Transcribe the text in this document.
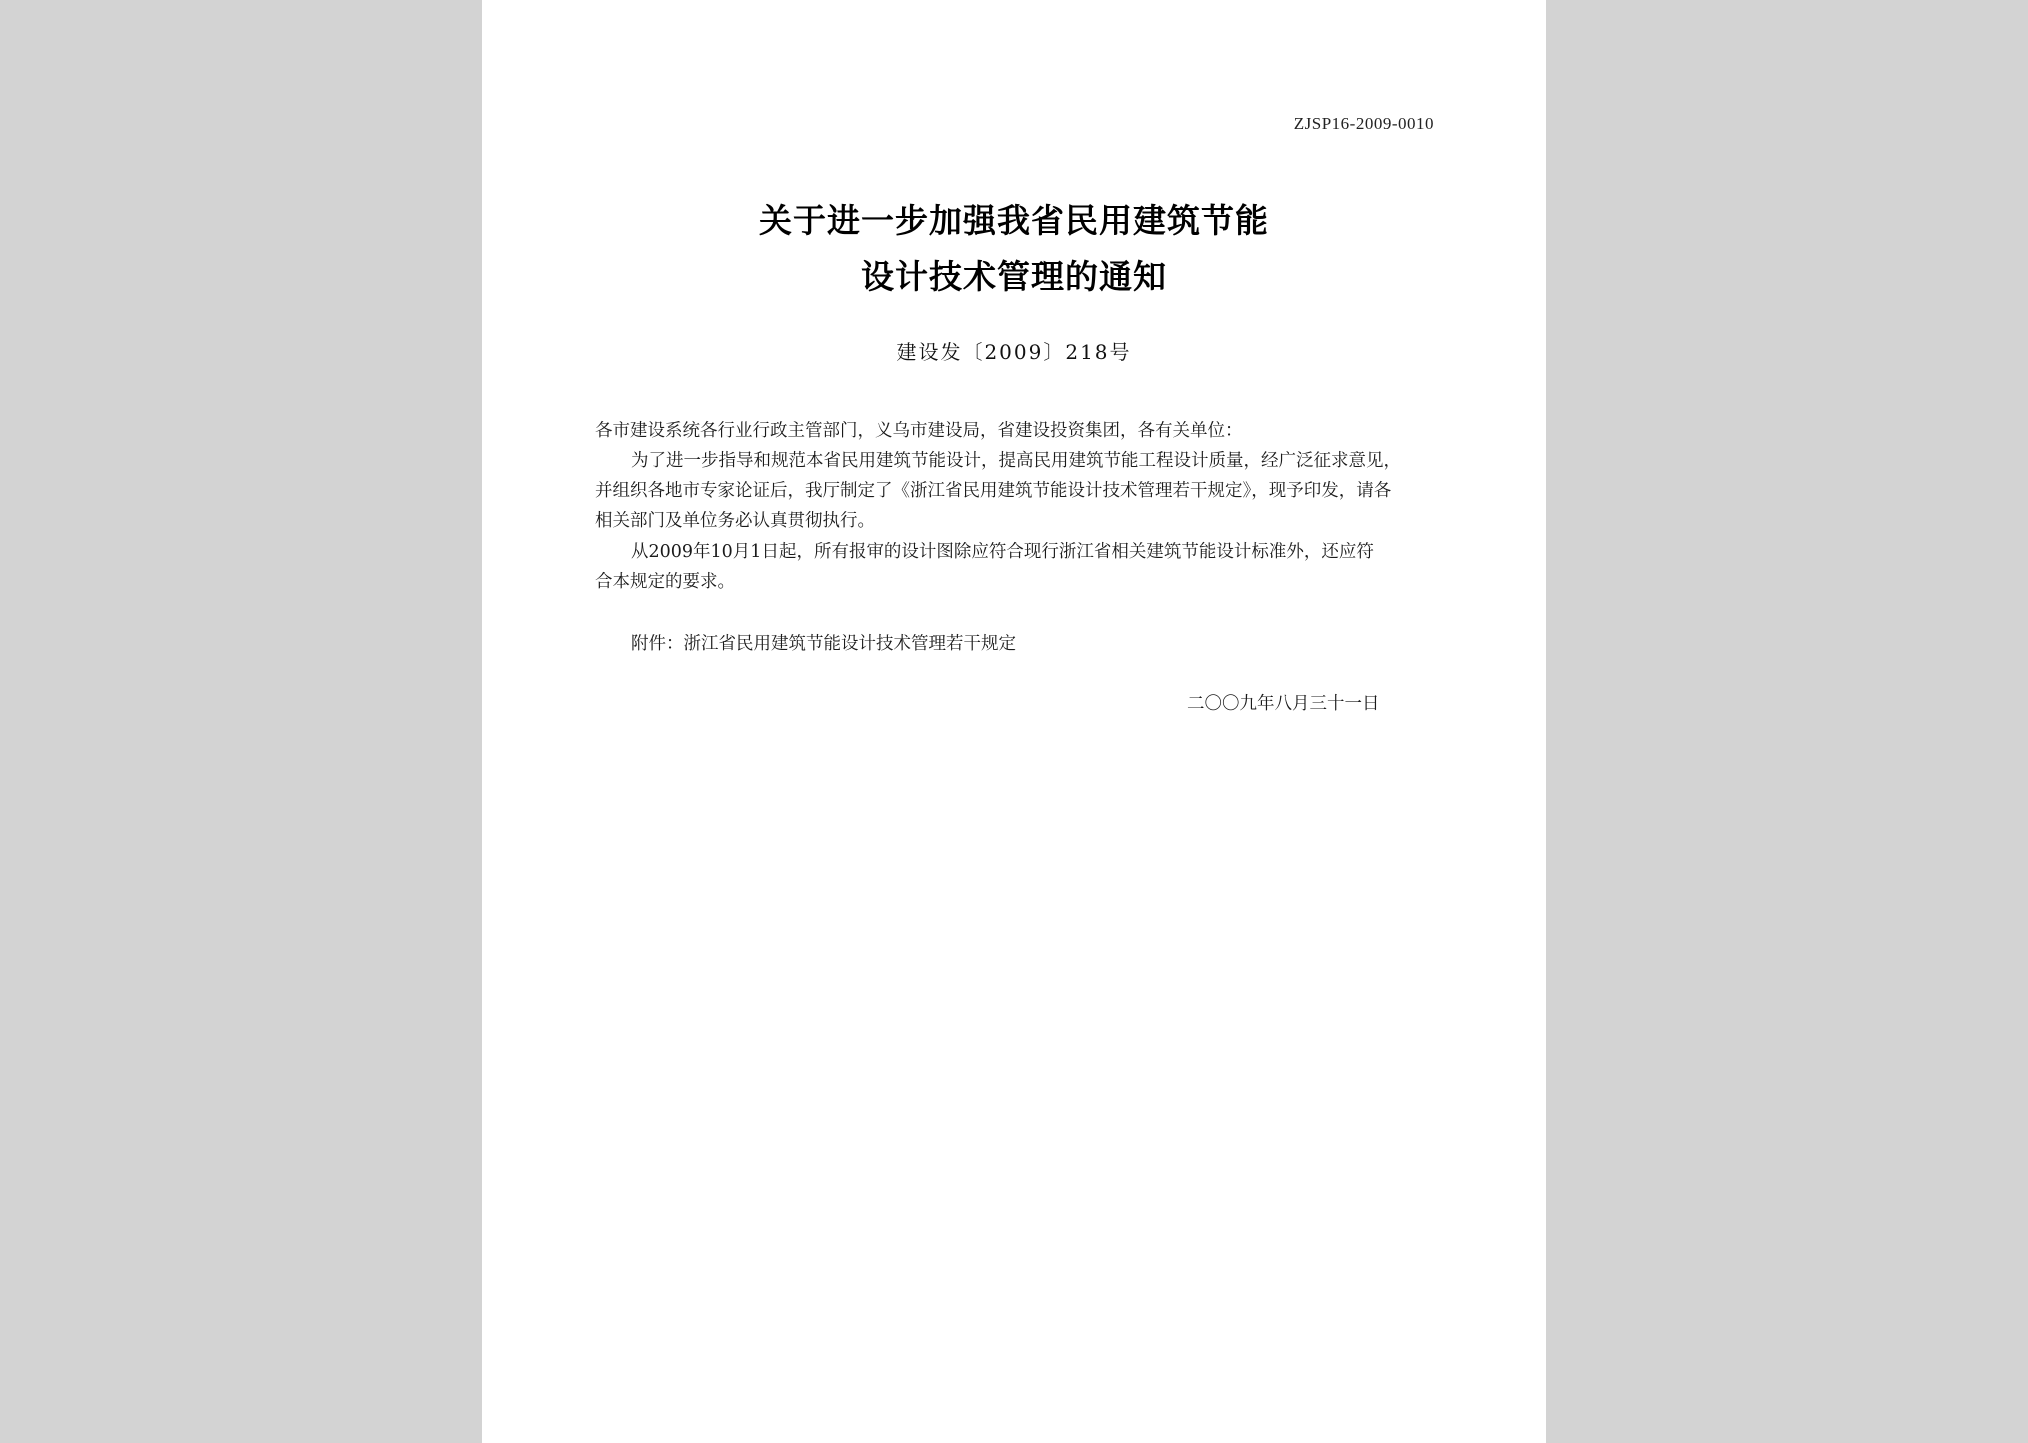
ZJSP16-2009-0010
关于进一步加强我省民用建筑节能
设计技术管理的通知
建设发〔2009〕218号
各市建设系统各行业行政主管部门，义乌市建设局，省建设投资集团，各有关单位：
为了进一步指导和规范本省民用建筑节能设计，提高民用建筑节能工程设计质量，经广泛征求意见，
并组织各地市专家论证后，我厅制定了《浙江省民用建筑节能设计技术管理若干规定》，现予印发，请各
相关部门及单位务必认真贯彻执行。
从2009年10月1日起，所有报审的设计图除应符合现行浙江省相关建筑节能设计标准外，还应符
合本规定的要求。
附件：浙江省民用建筑节能设计技术管理若干规定
二〇〇九年八月三十一日
